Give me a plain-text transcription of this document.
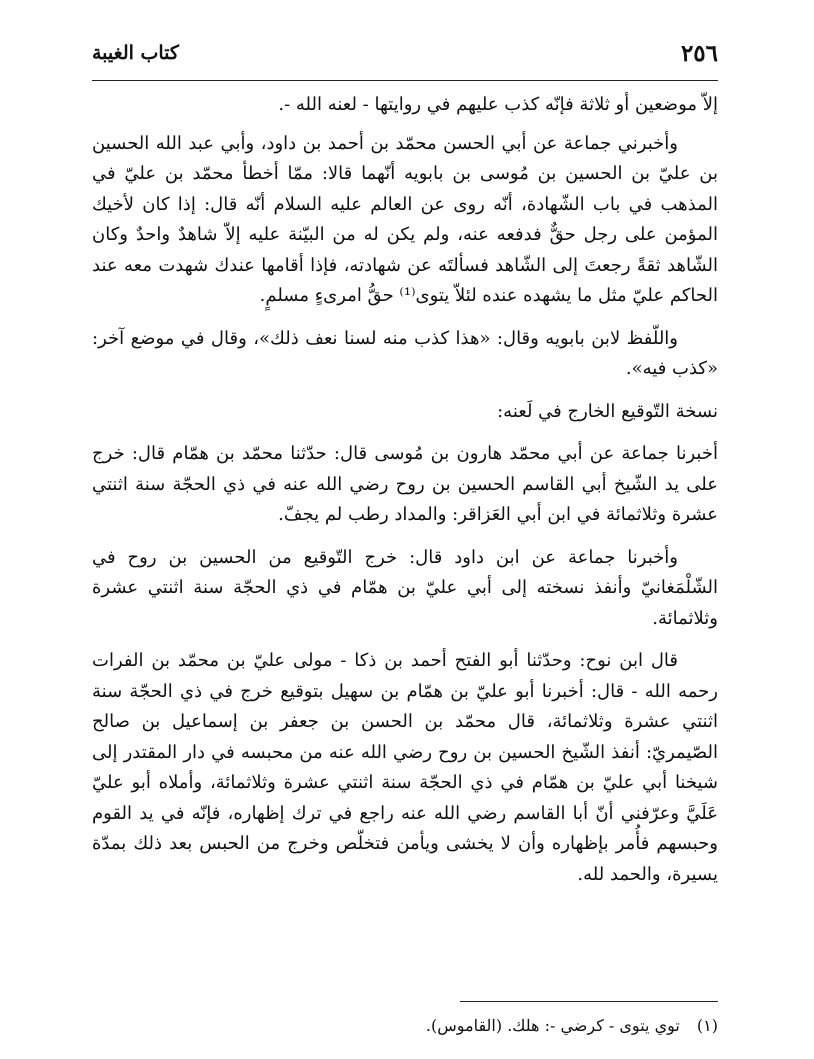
٢٥٦
كتاب الغيبة

إلاّ موضعين أو ثلاثة فإنّه كذب عليهم في روايتها - لعنه الله -.

وأخبرني جماعة عن أبي الحسن محمّد بن أحمد بن داود، وأبي عبد الله الحسين بن عليّ بن الحسين بن مُوسى بن بابويه أنّهما قالا: ممّا أخطأ محمّد بن عليّ في المذهب في باب الشّهادة، أنّه روى عن العالم عليه السلام أنّه قال: إذا كان لأخيك المؤمن على رجل حقٌّ فدفعه عنه، ولم يكن له من البيّنة عليه إلاّ شاهدٌ واحدٌ وكان الشّاهد ثقةً رجعتَ إلى الشّاهد فسألتَه عن شهادته، فإذا أقامها عندك شهدت معه عند الحاكم عليّ مثل ما يشهده عنده لئلاّ يتوى⁽¹⁾ حقُّ امرىءٍ مسلمٍ.

واللّفظ لابن بابويه وقال: «هذا كذب منه لسنا نعف ذلك»، وقال في موضع آخر: «كذب فيه».

نسخة التّوقيع الخارج في لَعنه:

أخبرنا جماعة عن أبي محمّد هارون بن مُوسى قال: حدّثنا محمّد بن همّام قال: خرج على يد الشّيخ أبي القاسم الحسين بن روح رضي الله عنه في ذي الحجّة سنة اثنتي عشرة وثلاثمائة في ابن أبي العَزاقر: والمداد رطب لم يجفّ.

وأخبرنا جماعة عن ابن داود قال: خرج التّوقيع من الحسين بن روح في الشّلْمَغانيّ وأنفذ نسخته إلى أبي عليّ بن همّام في ذي الحجّة سنة اثنتي عشرة وثلاثمائة.

قال ابن نوح: وحدّثنا أبو الفتح أحمد بن ذكا - مولى عليّ بن محمّد بن الفرات رحمه الله - قال: أخبرنا أبو عليّ بن همّام بن سهيل بتوقيع خرج في ذي الحجّة سنة اثنتي عشرة وثلاثمائة، قال محمّد بن الحسن بن جعفر بن إسماعيل بن صالح الصّيمريّ: أنفذ الشّيخ الحسين بن روح رضي الله عنه من محبسه في دار المقتدر إلى شيخنا أبي عليّ بن همّام في ذي الحجّة سنة اثنتي عشرة وثلاثمائة، وأملاه أبو عليّ عَلَيَّ وعرّفني أنّ أبا القاسم رضي الله عنه راجع في ترك إظهاره، فإنّه في يد القوم وحبسهم فأُمر بإظهاره وأن لا يخشى ويأمن فتخلّص وخرج من الحبس بعد ذلك بمدّة يسيرة، والحمد لله.

(١) توي يتوى - كرضي -: هلك. (القاموس).
